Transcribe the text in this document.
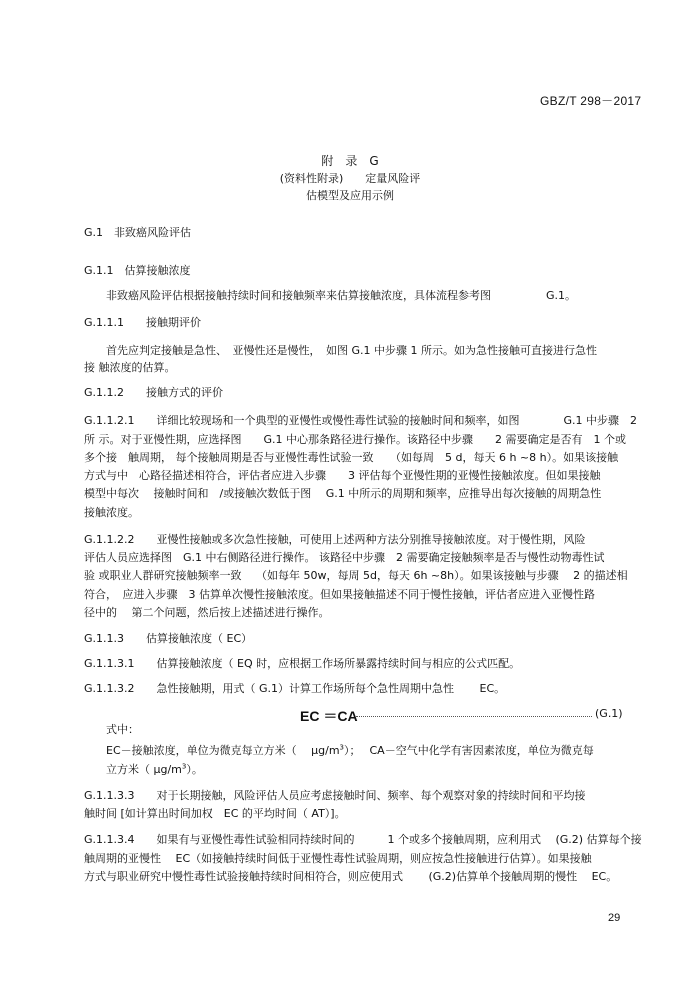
GBZ/T 298－2017
附　录　G
(资料性附录)　　定量风险评
估模型及应用示例
G.1　非致癌风险评估
G.1.1　估算接触浓度
非致癌风险评估根据接触持续时间和接触频率来估算接触浓度，具体流程参考图　　　　　G.1。
G.1.1.1　　接触期评价
首先应判定接触是急性、　亚慢性还是慢性，　如图 G.1 中步骤 1 所示。如为急性接触可直接进行急性
接 触浓度的估算。
G.1.1.2　　接触方式的评价
G.1.1.2.1　　详细比较现场和一个典型的亚慢性或慢性毒性试验的接触时间和频率，如图　　　　G.1 中步骤　2
所 示。对于亚慢性期，应选择图　　G.1 中心那条路径进行操作。该路径中步骤　　2 需要确定是否有　1 个或
多个接　触周期， 每个接触周期是否与亚慢性毒性试验一致　　（如每周　5 d，每天 6 h ~8 h）。如果该接触
方式与中　心路径描述相符合，评估者应进入步骤　　3 评估每个亚慢性期的亚慢性接触浓度。但如果接触
模型中每次　 接触时间和　/或接触次数低于图　 G.1 中所示的周期和频率，应推导出每次接触的周期急性
接触浓度。
G.1.1.2.2　　亚慢性接触或多次急性接触，可使用上述两种方法分别推导接触浓度。对于慢性期，风险
评估人员应选择图　G.1 中右侧路径进行操作。 该路径中步骤　2 需要确定接触频率是否与慢性动物毒性试
验 或职业人群研究接触频率一致　 （如每年 50w，每周 5d，每天 6h ~8h）。如果该接触与步骤　 2 的描述相
符合，　应进入步骤　3 估算单次慢性接触浓度。但如果接触描述不同于慢性接触，评估者应进入亚慢性路
径中的　 第二个问题，然后按上述描述进行操作。
G.1.1.3　　估算接触浓度（ EC）
G.1.1.3.1　　估算接触浓度（ EQ 时，应根据工作场所暴露持续时间与相应的公式匹配。
G.1.1.3.2　　急性接触期，用式（ G.1）计算工作场所每个急性周期中急性　　 EC。
EC ＝CA	(G.1)
式中：
EC－接触浓度，单位为微克每立方米（　 $\mu g/m^3$）；　 CA－空气中化学有害因素浓度，单位为微克每
立方米（ $\mu g/m^3$）。
G.1.1.3.3　　对于长期接触，风险评估人员应考虑接触时间、频率、每个观察对象的持续时间和平均接
触时间 [如计算出时间加权　EC 的平均时间（ AT）]。
G.1.1.3.4　　如果有与亚慢性毒性试验相同持续时间的　　　1 个或多个接触周期，应利用式　 (G.2) 估算每个接
触周期的亚慢性　 EC（如接触持续时间低于亚慢性毒性试验周期，则应按急性接触进行估算）。如果接触
方式与职业研究中慢性毒性试验接触持续时间相符合，则应使用式　　 (G.2)估算单个接触周期的慢性　 EC。
29
